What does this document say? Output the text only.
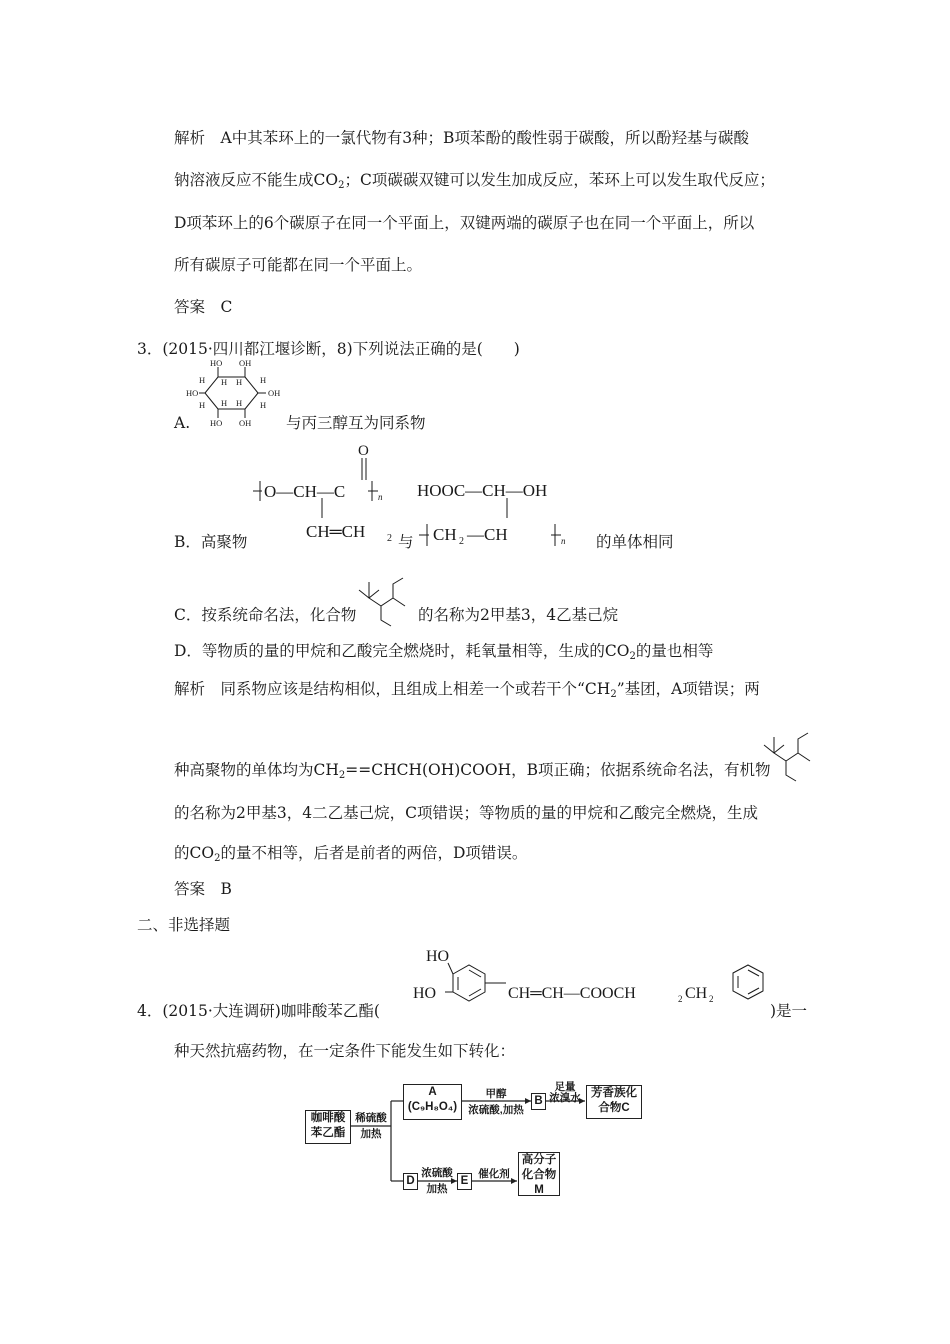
解析　A中其苯环上的一氯代物有3种；B项苯酚的酸性弱于碳酸，所以酚羟基与碳酸
钠溶液反应不能生成$CO_2$；C项碳碳双键可以发生加成反应，苯环上可以发生取代反应；
D项苯环上的6个碳原子在同一个平面上，双键两端的碳原子也在同一个平面上，所以
所有碳原子可能都在同一个平面上。
答案　C
3．(2015·四川都江堰诊断，8)下列说法正确的是(　　)
HO OH
H H
H	H
HO	OH
H H
H	H
HO OH
A.	与丙三醇互为同系物
O
O—CH—C	n
CH═CH 2
HOOC—CH—OH
CH 2 —CH	n
B．高聚物	与	的单体相同
C．按系统命名法，化合物	的名称为2甲基3，4乙基己烷
D．等物质的量的甲烷和乙酸完全燃烧时，耗氧量相等，生成的$CO_2$的量也相等
解析　同系物应该是结构相似，且组成上相差一个或若干个“$CH_2$”基团，A项错误；两
种高聚物的单体均为$CH_2==CHCH(OH)COOH$，B项正确；依据系统命名法，有机物
的名称为2甲基3，4二乙基己烷，C项错误；等物质的量的甲烷和乙酸完全燃烧，生成
的$CO_2$的量不相等，后者是前者的两倍，D项错误。
答案　B
二、非选择题
4．(2015·大连调研)咖啡酸苯乙酯(
HO
HO	CH═CH—COOCH	2 CH 2
)是一
种天然抗癌药物，在一定条件下能发生如下转化：
咖啡酸苯乙酯
稀硫酸
加热
A
(C₉H₈O₄)
甲醇
浓硫酸,加热
B
足量
浓溴水 芳香族化合物C
D
浓硫酸
加热
E
催化剂
高分子化合物
M
